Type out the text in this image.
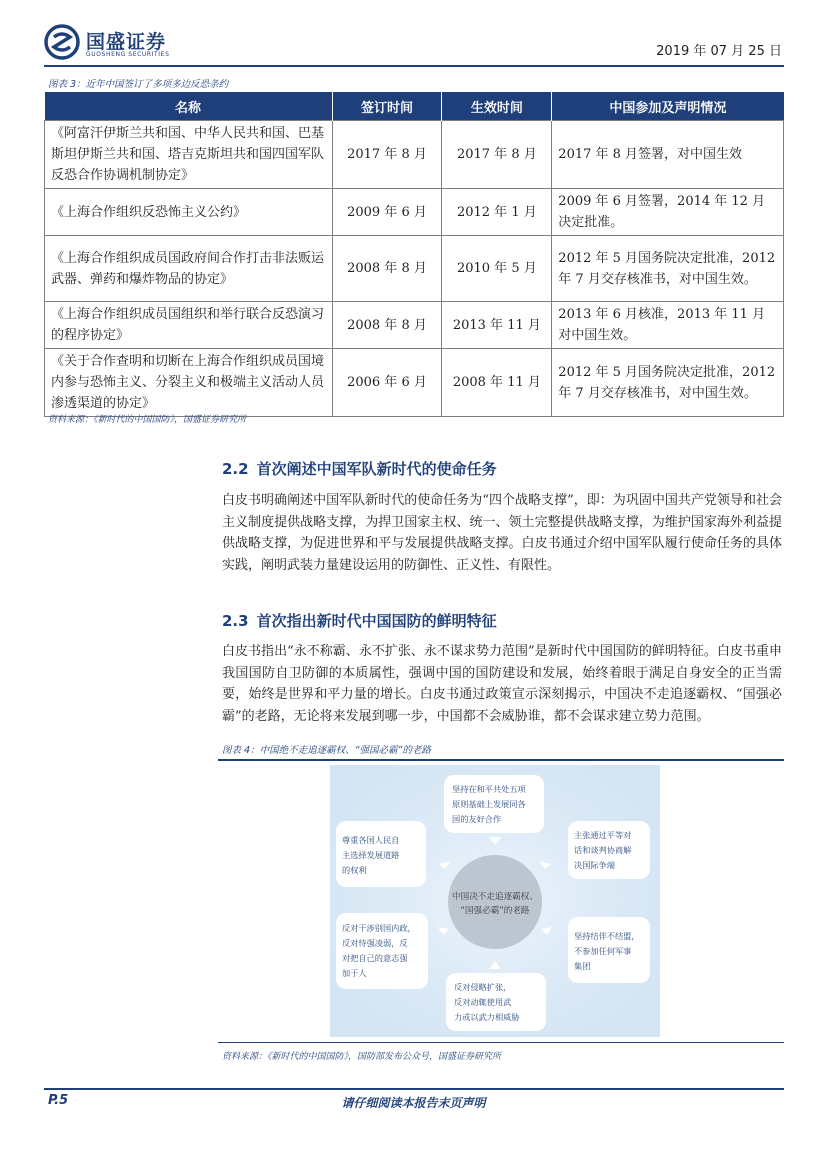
国盛证券
GUOSHENG SECURITIES	2019 年 07 月 25 日
图表 3：近年中国签订了多项多边反恐条约
名称	签订时间	生效时间	中国参加及声明情况
《阿富汗伊斯兰共和国、中华人民共和国、巴基斯坦伊斯兰共和国、塔吉克斯坦共和国四国军队反恐合作协调机制协定》	2017 年 8 月	2017 年 8 月	2017 年 8 月签署，对中国生效
《上海合作组织反恐怖主义公约》	2009 年 6 月	2012 年 1 月	2009 年 6 月签署，2014 年 12 月决定批准。
《上海合作组织成员国政府间合作打击非法贩运武器、弹药和爆炸物品的协定》	2008 年 8 月	2010 年 5 月	2012 年 5 月国务院决定批准，2012 年 7 月交存核准书，对中国生效。
《上海合作组织成员国组织和举行联合反恐演习的程序协定》	2008 年 8 月	2013 年 11 月	2013 年 6 月核准，2013 年 11 月对中国生效。
《关于合作查明和切断在上海合作组织成员国境内参与恐怖主义、分裂主义和极端主义活动人员渗透渠道的协定》	2006 年 6 月	2008 年 11 月	2012 年 5 月国务院决定批准，2012 年 7 月交存核准书，对中国生效。
资料来源：《新时代的中国国防》，国盛证券研究所
2.2 首次阐述中国军队新时代的使命任务
白皮书明确阐述中国军队新时代的使命任务为“四个战略支撑”，即：为巩固中国共产党领导和社会主义制度提供战略支撑，为捍卫国家主权、统一、领土完整提供战略支撑，为维护国家海外利益提供战略支撑，为促进世界和平与发展提供战略支撑。白皮书通过介绍中国军队履行使命任务的具体实践，阐明武装力量建设运用的防御性、正义性、有限性。
2.3 首次指出新时代中国国防的鲜明特征
白皮书指出“永不称霸、永不扩张、永不谋求势力范围”是新时代中国国防的鲜明特征。白皮书重申我国国防自卫防御的本质属性，强调中国的国防建设和发展，始终着眼于满足自身安全的正当需要，始终是世界和平力量的增长。白皮书通过政策宣示深刻揭示，中国决不走追逐霸权、“国强必霸”的老路，无论将来发展到哪一步，中国都不会威胁谁，都不会谋求建立势力范围。
图表 4：中国绝不走追逐霸权、“强国必霸”的老路
中国决不走追逐霸权、
“国强必霸”的老路
坚持在和平共处五项
原则基础上发展同各
国的友好合作
主张通过平等对
话和谈判协商解
决国际争端
坚持结伴不结盟，
不参加任何军事
集团
反对侵略扩张，
反对动辄使用武
力或以武力相威胁
反对干涉别国内政，
反对恃强凌弱，反
对把自己的意志强
加于人
尊重各国人民自
主选择发展道路
的权利
资料来源：《新时代的中国国防》，国防部发布公众号，国盛证券研究所
P.5	请仔细阅读本报告末页声明
